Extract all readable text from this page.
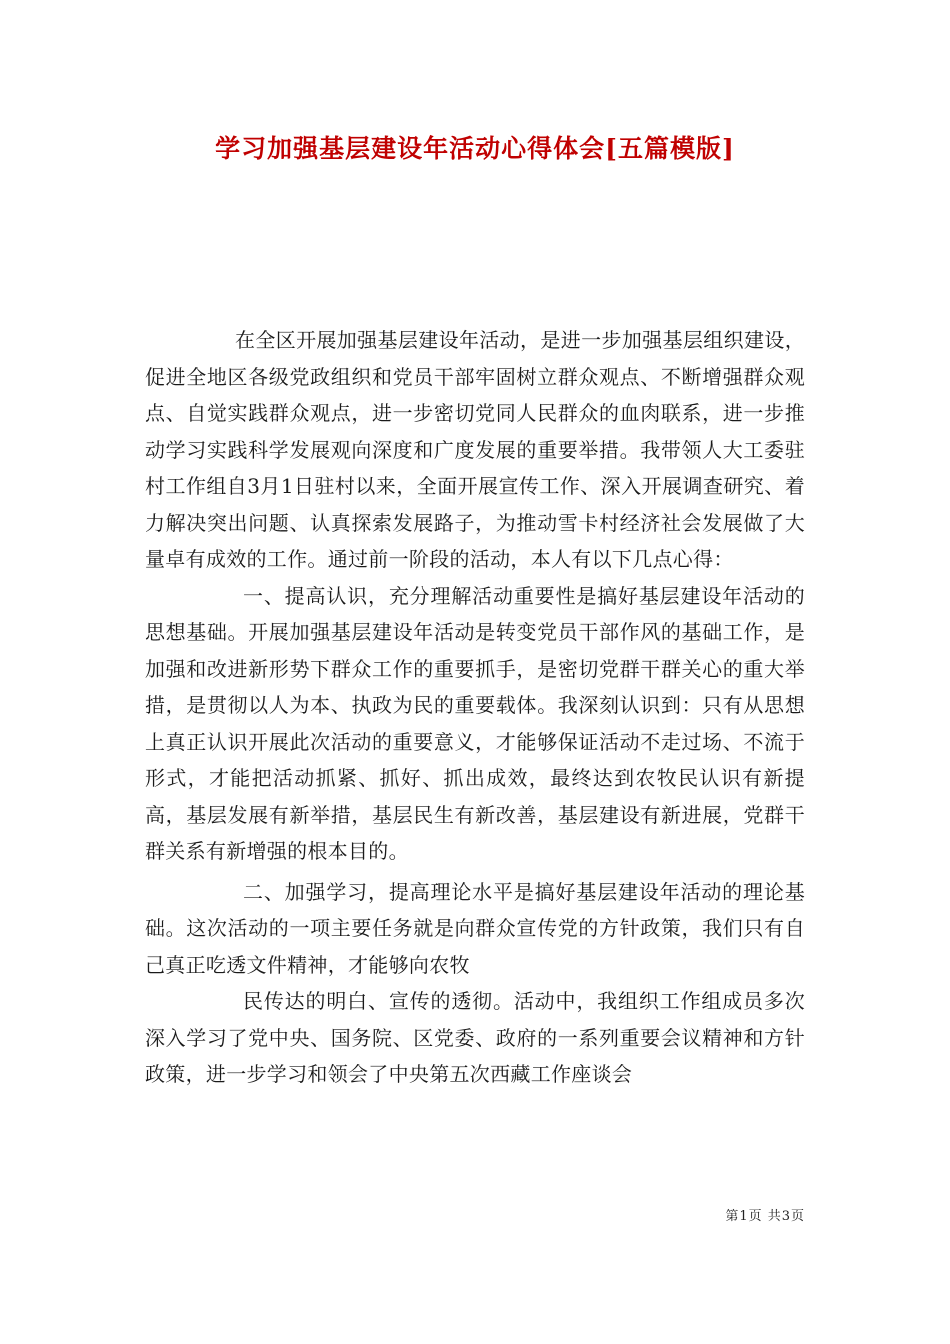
学习加强基层建设年活动心得体会[五篇模版]

在全区开展加强基层建设年活动，是进一步加强基层组织建设，促进全地区各级党政组织和党员干部牢固树立群众观点、不断增强群众观点、自觉实践群众观点，进一步密切党同人民群众的血肉联系，进一步推动学习实践科学发展观向深度和广度发展的重要举措。我带领人大工委驻村工作组自3月1日驻村以来，全面开展宣传工作、深入开展调查研究、着力解决突出问题、认真探索发展路子，为推动雪卡村经济社会发展做了大量卓有成效的工作。通过前一阶段的活动，本人有以下几点心得：

一、提高认识，充分理解活动重要性是搞好基层建设年活动的思想基础。开展加强基层建设年活动是转变党员干部作风的基础工作，是加强和改进新形势下群众工作的重要抓手，是密切党群干群关心的重大举措，是贯彻以人为本、执政为民的重要载体。我深刻认识到：只有从思想上真正认识开展此次活动的重要意义，才能够保证活动不走过场、不流于形式，才能把活动抓紧、抓好、抓出成效，最终达到农牧民认识有新提高，基层发展有新举措，基层民生有新改善，基层建设有新进展，党群干群关系有新增强的根本目的。

二、加强学习，提高理论水平是搞好基层建设年活动的理论基础。这次活动的一项主要任务就是向群众宣传党的方针政策，我们只有自己真正吃透文件精神，才能够向农牧

民传达的明白、宣传的透彻。活动中，我组织工作组成员多次深入学习了党中央、国务院、区党委、政府的一系列重要会议精神和方针政策，进一步学习和领会了中央第五次西藏工作座谈会

第1页 共3页
